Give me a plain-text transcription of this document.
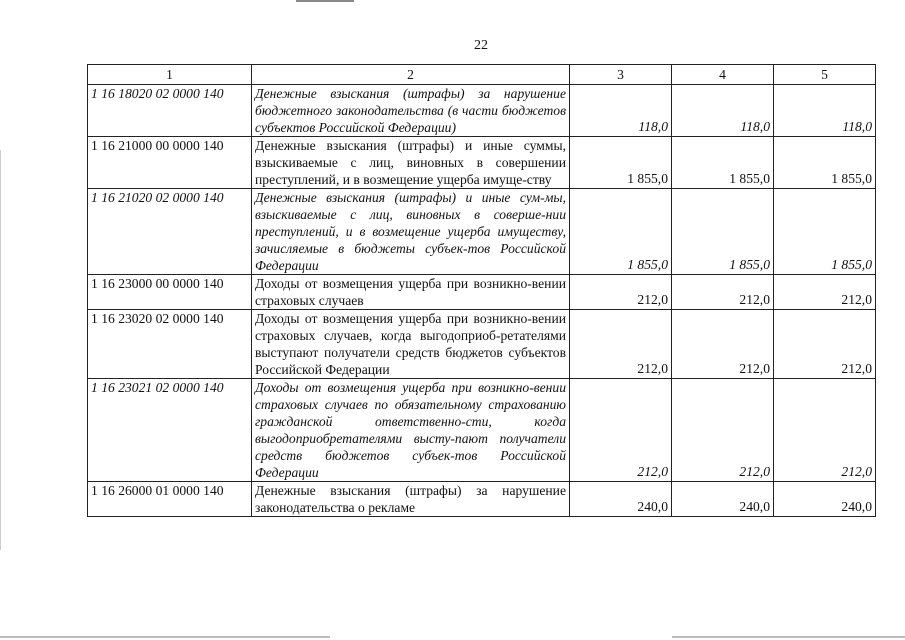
22
1	2	3	4	5
1 16 18020 02 0000 140	Денежные взыскания (штрафы) за нарушение бюджетного законодательства (в части бюджетов субъектов Российской Федерации)	118,0	118,0	118,0
1 16 21000 00 0000 140	Денежные взыскания (штрафы) и иные суммы, взыскиваемые с лиц, виновных в совершении преступлений, и в возмещение ущерба имуще-ству	1 855,0	1 855,0	1 855,0
1 16 21020 02 0000 140	Денежные взыскания (штрафы) и иные сум-мы, взыскиваемые с лиц, виновных в соверше-нии преступлений, и в возмещение ущерба имуществу, зачисляемые в бюджеты субъек-тов Российской Федерации	1 855,0	1 855,0	1 855,0
1 16 23000 00 0000 140	Доходы от возмещения ущерба при возникно-вении страховых случаев	212,0	212,0	212,0
1 16 23020 02 0000 140	Доходы от возмещения ущерба при возникно-вении страховых случаев, когда выгодоприоб-ретателями выступают получатели средств бюджетов субъектов Российской Федерации	212,0	212,0	212,0
1 16 23021 02 0000 140	Доходы от возмещения ущерба при возникно-вении страховых случаев по обязательному страхованию гражданской ответственно-сти, когда выгодоприобретателями высту-пают получатели средств бюджетов субъек-тов Российской Федерации	212,0	212,0	212,0
1 16 26000 01 0000 140	Денежные взыскания (штрафы) за нарушение законодательства о рекламе	240,0	240,0	240,0
